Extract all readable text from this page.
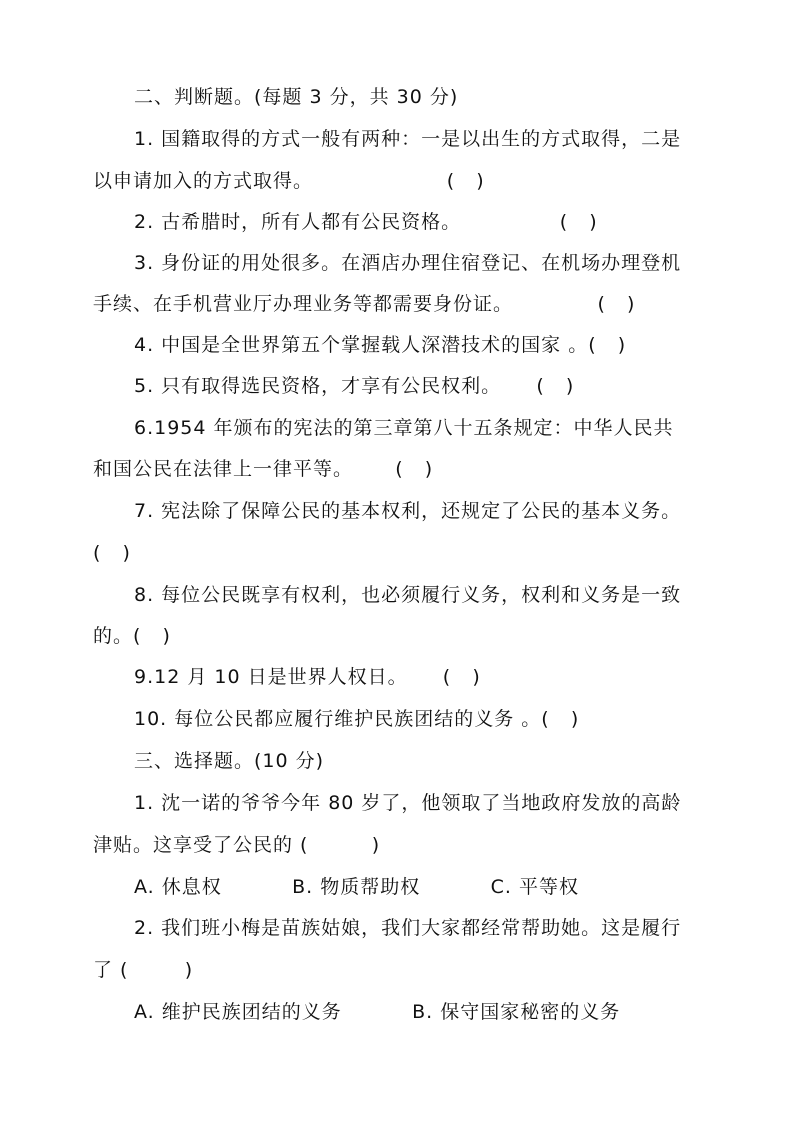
二、判断题。(每题 3 分，共 30 分)
1. 国籍取得的方式一般有两种：一是以出生的方式取得，二是
以申请加入的方式取得。                   (   )
2. 古希腊时，所有人都有公民资格。              (   )
3. 身份证的用处很多。在酒店办理住宿登记、在机场办理登机
手续、在手机营业厅办理业务等都需要身份证。            (   )
4. 中国是全世界第五个掌握载人深潜技术的国家 。(   )
5. 只有取得选民资格，才享有公民权利。     (   )
6.1954 年颁布的宪法的第三章第八十五条规定：中华人民共
和国公民在法律上一律平等。      (   )
7. 宪法除了保障公民的基本权利，还规定了公民的基本义务。
(   )
8. 每位公民既享有权利，也必须履行义务，权利和义务是一致
的。(   )
9.12 月 10 日是世界人权日。     (   )
10. 每位公民都应履行维护民族团结的义务 。(   )
三、选择题。(10 分)
1. 沈一诺的爷爷今年 80 岁了，他领取了当地政府发放的高龄
津贴。这享受了公民的 (         )
A. 休息权          B. 物质帮助权          C. 平等权
2. 我们班小梅是苗族姑娘，我们大家都经常帮助她。这是履行
了 (        )
A. 维护民族团结的义务          B. 保守国家秘密的义务
